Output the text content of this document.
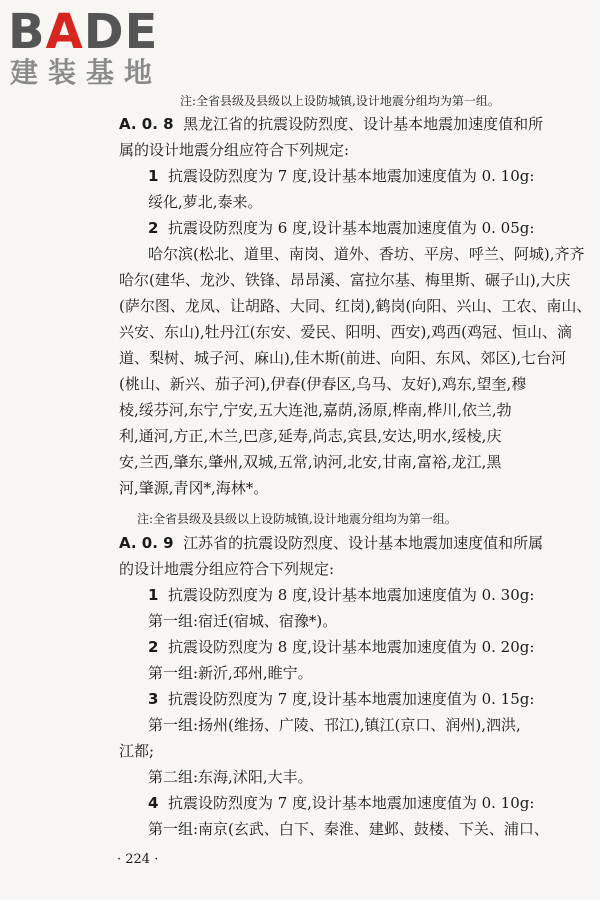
BADE
建装基地
注:全省县级及县级以上设防城镇,设计地震分组均为第一组。
A. 0. 8 黑龙江省的抗震设防烈度、设计基本地震加速度值和所
属的设计地震分组应符合下列规定:
1 抗震设防烈度为 7 度,设计基本地震加速度值为 0. 10g:
绥化,萝北,泰来。
2 抗震设防烈度为 6 度,设计基本地震加速度值为 0. 05g:
哈尔滨(松北、道里、南岗、道外、香坊、平房、呼兰、阿城),齐齐
哈尔(建华、龙沙、铁锋、昂昂溪、富拉尔基、梅里斯、碾子山),大庆
(萨尔图、龙凤、让胡路、大同、红岗),鹤岗(向阳、兴山、工农、南山、
兴安、东山),牡丹江(东安、爱民、阳明、西安),鸡西(鸡冠、恒山、滴
道、梨树、城子河、麻山),佳木斯(前进、向阳、东风、郊区),七台河
(桃山、新兴、茄子河),伊春(伊春区,乌马、友好),鸡东,望奎,穆
棱,绥芬河,东宁,宁安,五大连池,嘉荫,汤原,桦南,桦川,依兰,勃
利,通河,方正,木兰,巴彦,延寿,尚志,宾县,安达,明水,绥棱,庆
安,兰西,肇东,肇州,双城,五常,讷河,北安,甘南,富裕,龙江,黑
河,肇源,青冈*,海林*。
注:全省县级及县级以上设防城镇,设计地震分组均为第一组。
A. 0. 9 江苏省的抗震设防烈度、设计基本地震加速度值和所属
的设计地震分组应符合下列规定:
1 抗震设防烈度为 8 度,设计基本地震加速度值为 0. 30g:
第一组:宿迁(宿城、宿豫*)。
2 抗震设防烈度为 8 度,设计基本地震加速度值为 0. 20g:
第一组:新沂,邳州,睢宁。
3 抗震设防烈度为 7 度,设计基本地震加速度值为 0. 15g:
第一组:扬州(维扬、广陵、邗江),镇江(京口、润州),泗洪,
江都;
第二组:东海,沭阳,大丰。
4 抗震设防烈度为 7 度,设计基本地震加速度值为 0. 10g:
第一组:南京(玄武、白下、秦淮、建邺、鼓楼、下关、浦口、
· 224 ·
